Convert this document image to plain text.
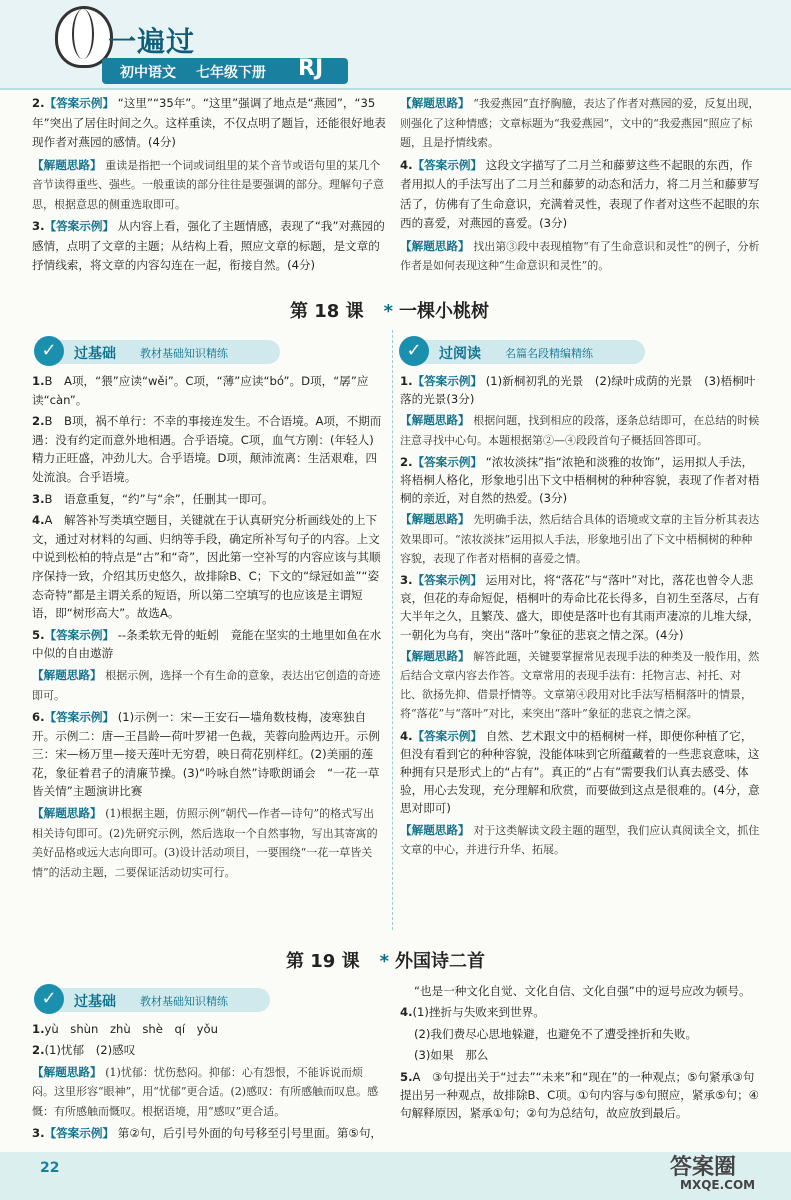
一遍过
初中语文 七年级下册 RJ

2.【答案示例】 “这里”“35年”。“这里”强调了地点是“燕园”，“35年”突出了居住时间之久。这样重读，不仅点明了题旨，还能很好地表现作者对燕园的感情。(4分)

【解题思路】 重读是指把一个词或词组里的某个音节或语句里的某几个音节读得重些、强些。一般重读的部分往往是要强调的部分。理解句子意思，根据意思的侧重选取即可。

3.【答案示例】 从内容上看，强化了主题情感，表现了“我”对燕园的感情，点明了文章的主题；从结构上看，照应文章的标题，是文章的抒情线索，将文章的内容勾连在一起，衔接自然。(4分)

【解题思路】 “我爱燕园”直抒胸臆，表达了作者对燕园的爱，反复出现，则强化了这种情感；文章标题为“我爱燕园”，文中的“我爱燕园”照应了标题，且是抒情线索。

4.【答案示例】 这段文字描写了二月兰和藤萝这些不起眼的东西，作者用拟人的手法写出了二月兰和藤萝的动态和活力，将二月兰和藤萝写活了，仿佛有了生命意识，充满着灵性，表现了作者对这些不起眼的东西的喜爱，对燕园的喜爱。(3分)

【解题思路】 找出第③段中表现植物“有了生命意识和灵性”的例子，分析作者是如何表现这种“生命意识和灵性”的。

第 18 课 * 一棵小桃树
✓	过基础 教材基础知识精练	✓	过阅读 名篇名段精编精练

1.B　A项，“猥”应读“wěi”。C项，“薄”应读“bó”。D项，“孱”应读“càn”。

2.B　B项，祸不单行：不幸的事接连发生。不合语境。A项，不期而遇：没有约定而意外地相遇。合乎语境。C项，血气方刚：(年轻人)精力正旺盛，冲劲儿大。合乎语境。D项，颠沛流离：生活艰难，四处流浪。合乎语境。

3.B　语意重复，“约”与“余”，任删其一即可。

4.A　解答补写类填空题目，关键就在于认真研究分析画线处的上下文，通过对材料的勾画、归纳等手段，确定所补写句子的内容。上文中说到松柏的特点是“古”和“奇”，因此第一空补写的内容应该与其顺序保持一致，介绍其历史悠久，故排除B、C；下文的“绿冠如盖”“姿态奇特”都是主谓关系的短语，所以第二空填写的也应该是主谓短语，即“树形高大”。故选A。

5.【答案示例】 --条柔软无骨的蚯蚓　竟能在坚实的土地里如鱼在水中似的自由遨游

【解题思路】 根据示例，选择一个有生命的意象，表达出它创造的奇迹即可。

6.【答案示例】 (1)示例一：宋—王安石—墙角数枝梅，凌寒独自开。示例二：唐—王昌龄—荷叶罗裙一色裁，芙蓉向脸两边开。示例三：宋—杨万里—接天莲叶无穷碧，映日荷花别样红。(2)美丽的莲花，象征着君子的清廉节操。(3)“吟咏自然”诗歌朗诵会　“一花一草皆关情”主题演讲比赛

【解题思路】 (1)根据主题，仿照示例“朝代—作者—诗句”的格式写出相关诗句即可。(2)先研究示例，然后选取一个自然事物，写出其寄寓的美好品格或远大志向即可。(3)设计活动项目，一要围绕“一花一草皆关情”的活动主题，二要保证活动切实可行。

1.【答案示例】 (1)新桐初乳的光景　(2)绿叶成荫的光景　(3)梧桐叶落的光景(3分)

【解题思路】 根据问题，找到相应的段落，逐条总结即可，在总结的时候注意寻找中心句。本题根据第②—④段段首句子概括回答即可。

2.【答案示例】 “浓妆淡抹”指“浓艳和淡雅的妆饰”，运用拟人手法，将梧桐人格化，形象地引出下文中梧桐树的种种容貌，表现了作者对梧桐的亲近，对自然的热爱。(3分)

【解题思路】 先明确手法，然后结合具体的语境或文章的主旨分析其表达效果即可。“浓妆淡抹”运用拟人手法，形象地引出了下文中梧桐树的种种容貌，表现了作者对梧桐的喜爱之情。

3.【答案示例】 运用对比，将“落花”与“落叶”对比，落花也曾令人悲哀，但花的寿命短促，梧桐叶的寿命比花长得多，自初生至落尽，占有大半年之久，且繁茂、盛大，即使是落叶也有其雨声凄凉的儿堆大绿，一朝化为乌有，突出“落叶”象征的悲哀之情之深。(4分)

【解题思路】 解答此题，关键要掌握常见表现手法的种类及一般作用，然后结合文章内容去作答。文章常用的表现手法有：托物言志、衬托、对比、欲扬先抑、借景抒情等。文章第④段用对比手法写梧桐落叶的情景，将“落花”与“落叶”对比，来突出“落叶”象征的悲哀之情之深。

4.【答案示例】 自然、艺术跟文中的梧桐树一样，即便你种植了它，但没有看到它的种种容貌，没能体味到它所蕴藏着的一些悲哀意味，这种拥有只是形式上的“占有”。真正的“占有”需要我们认真去感受、体验，用心去发现，充分理解和欣赏，而要做到这点是很难的。(4分，意思对即可)

【解题思路】 对于这类解读文段主题的题型，我们应认真阅读全文，抓住文章的中心，并进行升华、拓展。

第 19 课 * 外国诗二首
✓	过基础 教材基础知识精练

1.yù　shùn　zhù　shè　qí　yǒu

2.(1)忧郁　(2)感叹

【解题思路】 (1)忧郁：忧伤愁闷。抑郁：心有怨恨，不能诉说而烦闷。这里形容“眼神”，用“忧郁”更合适。(2)感叹：有所感触而叹息。感慨：有所感触而慨叹。根据语境，用“感叹”更合适。

3.【答案示例】 第②句，后引号外面的句号移至引号里面。第⑤句，

“也是一种文化自觉、文化自信、文化自强”中的逗号应改为顿号。

4.(1)挫折与失败来到世界。

(2)我们费尽心思地躲避，也避免不了遭受挫折和失败。

(3)如果　那么

5.A　③句提出关于“过去”“未来”和“现在”的一种观点；⑤句紧承③句提出另一种观点，故排除B、C项。①句内容与⑤句照应，紧承⑤句；④句解释原因，紧承①句；②句为总结句，故应放到最后。

22	答案圈
MXQE.COM
